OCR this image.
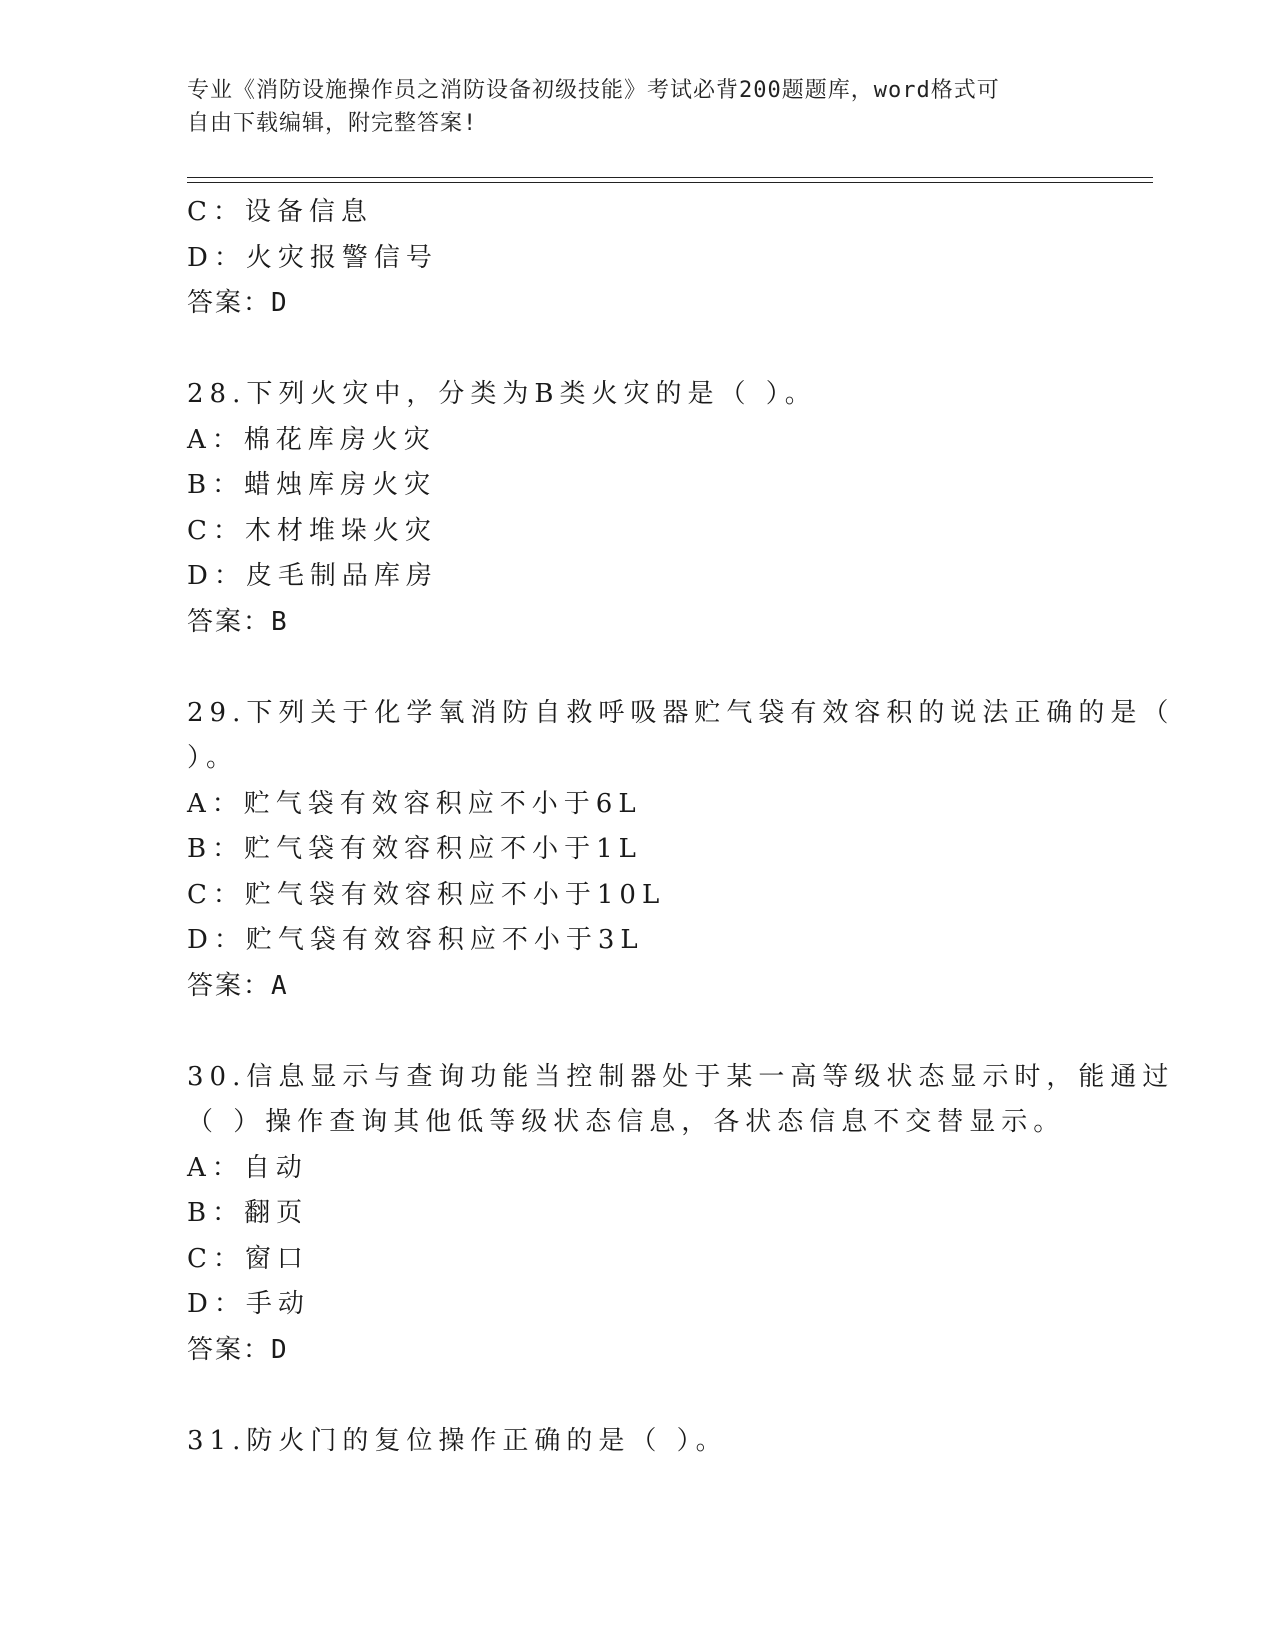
专业《消防设施操作员之消防设备初级技能》考试必背200题题库，word格式可
自由下载编辑，附完整答案!
C：设备信息
D：火灾报警信号
答案：D
28.下列火灾中，分类为B类火灾的是（ ）。
A：棉花库房火灾
B：蜡烛库房火灾
C：木材堆垛火灾
D：皮毛制品库房
答案：B
29.下列关于化学氧消防自救呼吸器贮气袋有效容积的说法正确的是（
）。
A：贮气袋有效容积应不小于6L
B：贮气袋有效容积应不小于1L
C：贮气袋有效容积应不小于10L
D：贮气袋有效容积应不小于3L
答案：A
30.信息显示与查询功能当控制器处于某一高等级状态显示时，能通过
（ ）操作查询其他低等级状态信息，各状态信息不交替显示。
A：自动
B：翻页
C：窗口
D：手动
答案：D
31.防火门的复位操作正确的是（ ）。
